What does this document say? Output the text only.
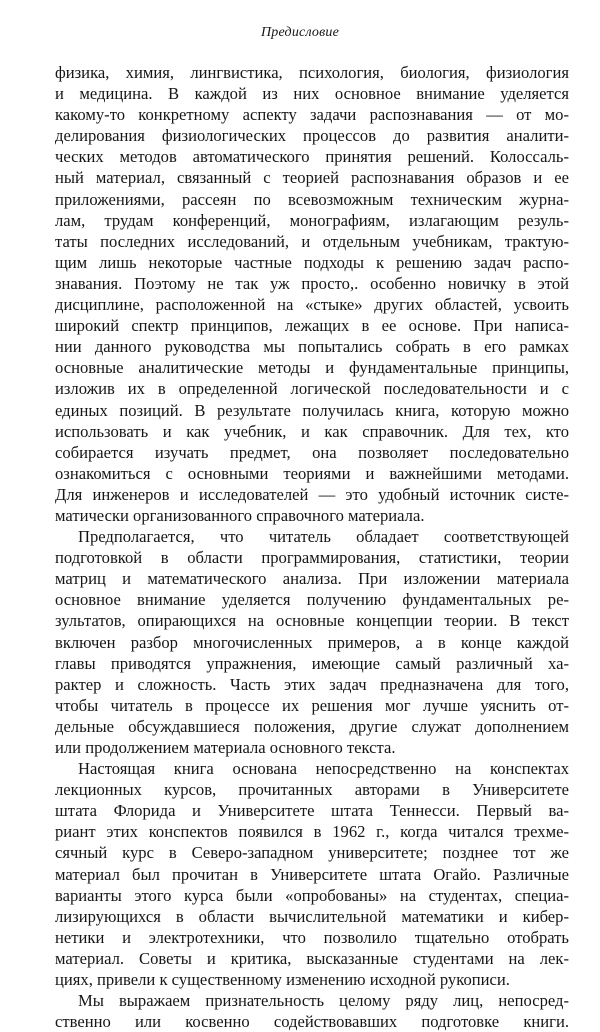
Предисловие
физика, химия, лингвистика, психология, биология, физиология
и медицина. В каждой из них основное внимание уделяется
какому-то конкретному аспекту задачи распознавания — от мо-
делирования физиологических процессов до развития аналити-
ческих методов автоматического принятия решений. Колоссаль-
ный материал, связанный с теорией распознавания образов и ее
приложениями, рассеян по всевозможным техническим журна-
лам, трудам конференций, монографиям, излагающим резуль-
таты последних исследований, и отдельным учебникам, трактую-
щим лишь некоторые частные подходы к решению задач распо-
знавания. Поэтому не так уж просто,. особенно новичку в этой
дисциплине, расположенной на «стыке» других областей, усвоить
широкий спектр принципов, лежащих в ее основе. При написа-
нии данного руководства мы попытались собрать в его рамках
основные аналитические методы и фундаментальные принципы,
изложив их в определенной логической последовательности и с
единых позиций. В результате получилась книга, которую можно
использовать и как учебник, и как справочник. Для тех, кто
собирается изучать предмет, она позволяет последовательно
ознакомиться с основными теориями и важнейшими методами.
Для инженеров и исследователей — это удобный источник систе-
матически организованного справочного материала.
Предполагается, что читатель обладает соответствующей
подготовкой в области программирования, статистики, теории
матриц и математического анализа. При изложении материала
основное внимание уделяется получению фундаментальных ре-
зультатов, опирающихся на основные концепции теории. В текст
включен разбор многочисленных примеров, а в конце каждой
главы приводятся упражнения, имеющие самый различный ха-
рактер и сложность. Часть этих задач предназначена для того,
чтобы читатель в процессе их решения мог лучше уяснить от-
дельные обсуждавшиеся положения, другие служат дополнением
или продолжением материала основного текста.
Настоящая книга основана непосредственно на конспектах
лекционных курсов, прочитанных авторами в Университете
штата Флорида и Университете штата Теннесси. Первый ва-
риант этих конспектов появился в 1962 г., когда читался трехме-
сячный курс в Северо-западном университете; позднее тот же
материал был прочитан в Университете штата Огайо. Различные
варианты этого курса были «опробованы» на студентах, специа-
лизирующихся в области вычислительной математики и кибер-
нетики и электротехники, что позволило тщательно отобрать
материал. Советы и критика, высказанные студентами на лек-
циях, привели к существенному изменению исходной рукописи.
Мы выражаем признательность целому ряду лиц, непосред-
ственно или косвенно содействовавших подготовке книги.
